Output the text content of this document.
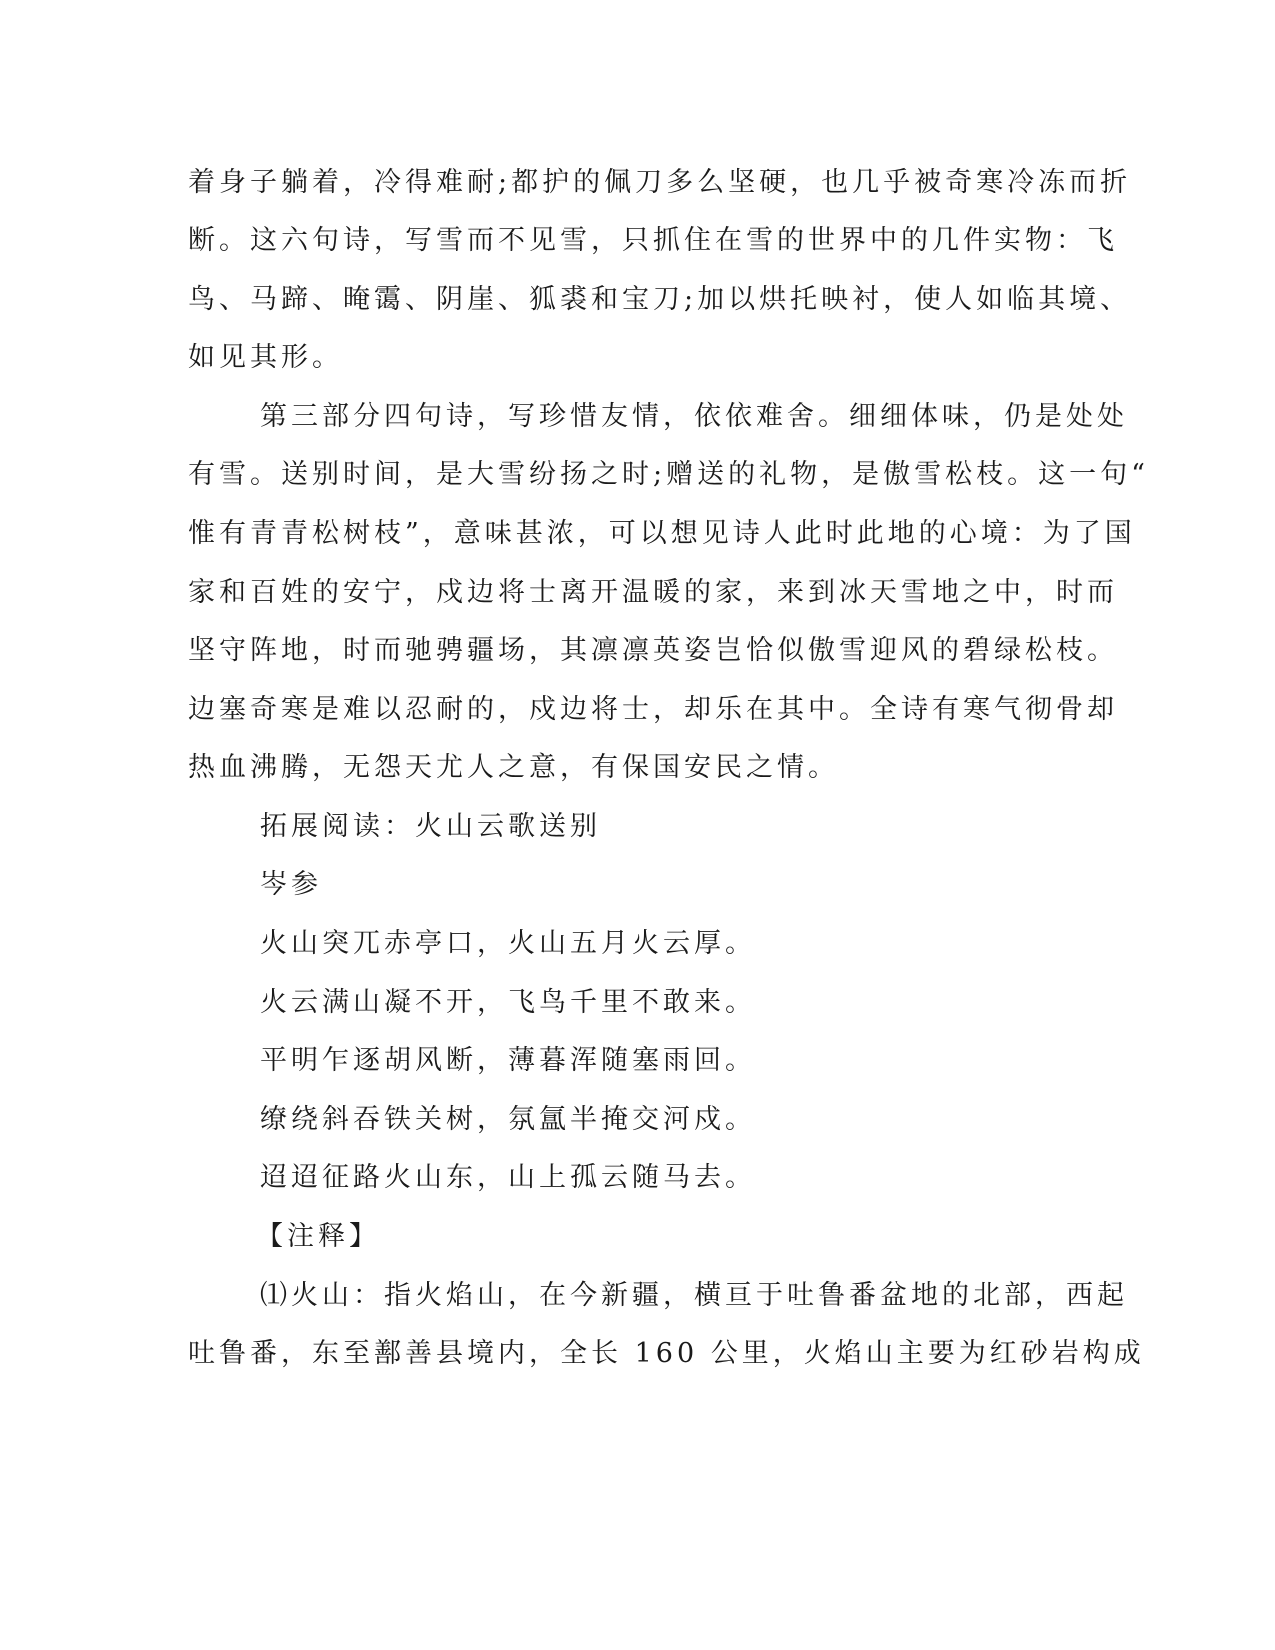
着身子躺着，冷得难耐;都护的佩刀多么坚硬，也几乎被奇寒冷冻而折
断。这六句诗，写雪而不见雪，只抓住在雪的世界中的几件实物：飞
鸟、马蹄、晻霭、阴崖、狐裘和宝刀;加以烘托映衬，使人如临其境、
如见其形。
第三部分四句诗，写珍惜友情，依依难舍。细细体味，仍是处处
有雪。送别时间，是大雪纷扬之时;赠送的礼物，是傲雪松枝。这一句“
惟有青青松树枝”，意味甚浓，可以想见诗人此时此地的心境：为了国
家和百姓的安宁，戍边将士离开温暖的家，来到冰天雪地之中，时而
坚守阵地，时而驰骋疆场，其凛凛英姿岂恰似傲雪迎风的碧绿松枝。
边塞奇寒是难以忍耐的，戍边将士，却乐在其中。全诗有寒气彻骨却
热血沸腾，无怨天尤人之意，有保国安民之情。
拓展阅读：火山云歌送别
岑参
火山突兀赤亭口，火山五月火云厚。
火云满山凝不开，飞鸟千里不敢来。
平明乍逐胡风断，薄暮浑随塞雨回。
缭绕斜吞铁关树，氛氲半掩交河戍。
迢迢征路火山东，山上孤云随马去。
【注释】
⑴火山：指火焰山，在今新疆，横亘于吐鲁番盆地的北部，西起
吐鲁番，东至鄯善县境内，全长 160 公里，火焰山主要为红砂岩构成
